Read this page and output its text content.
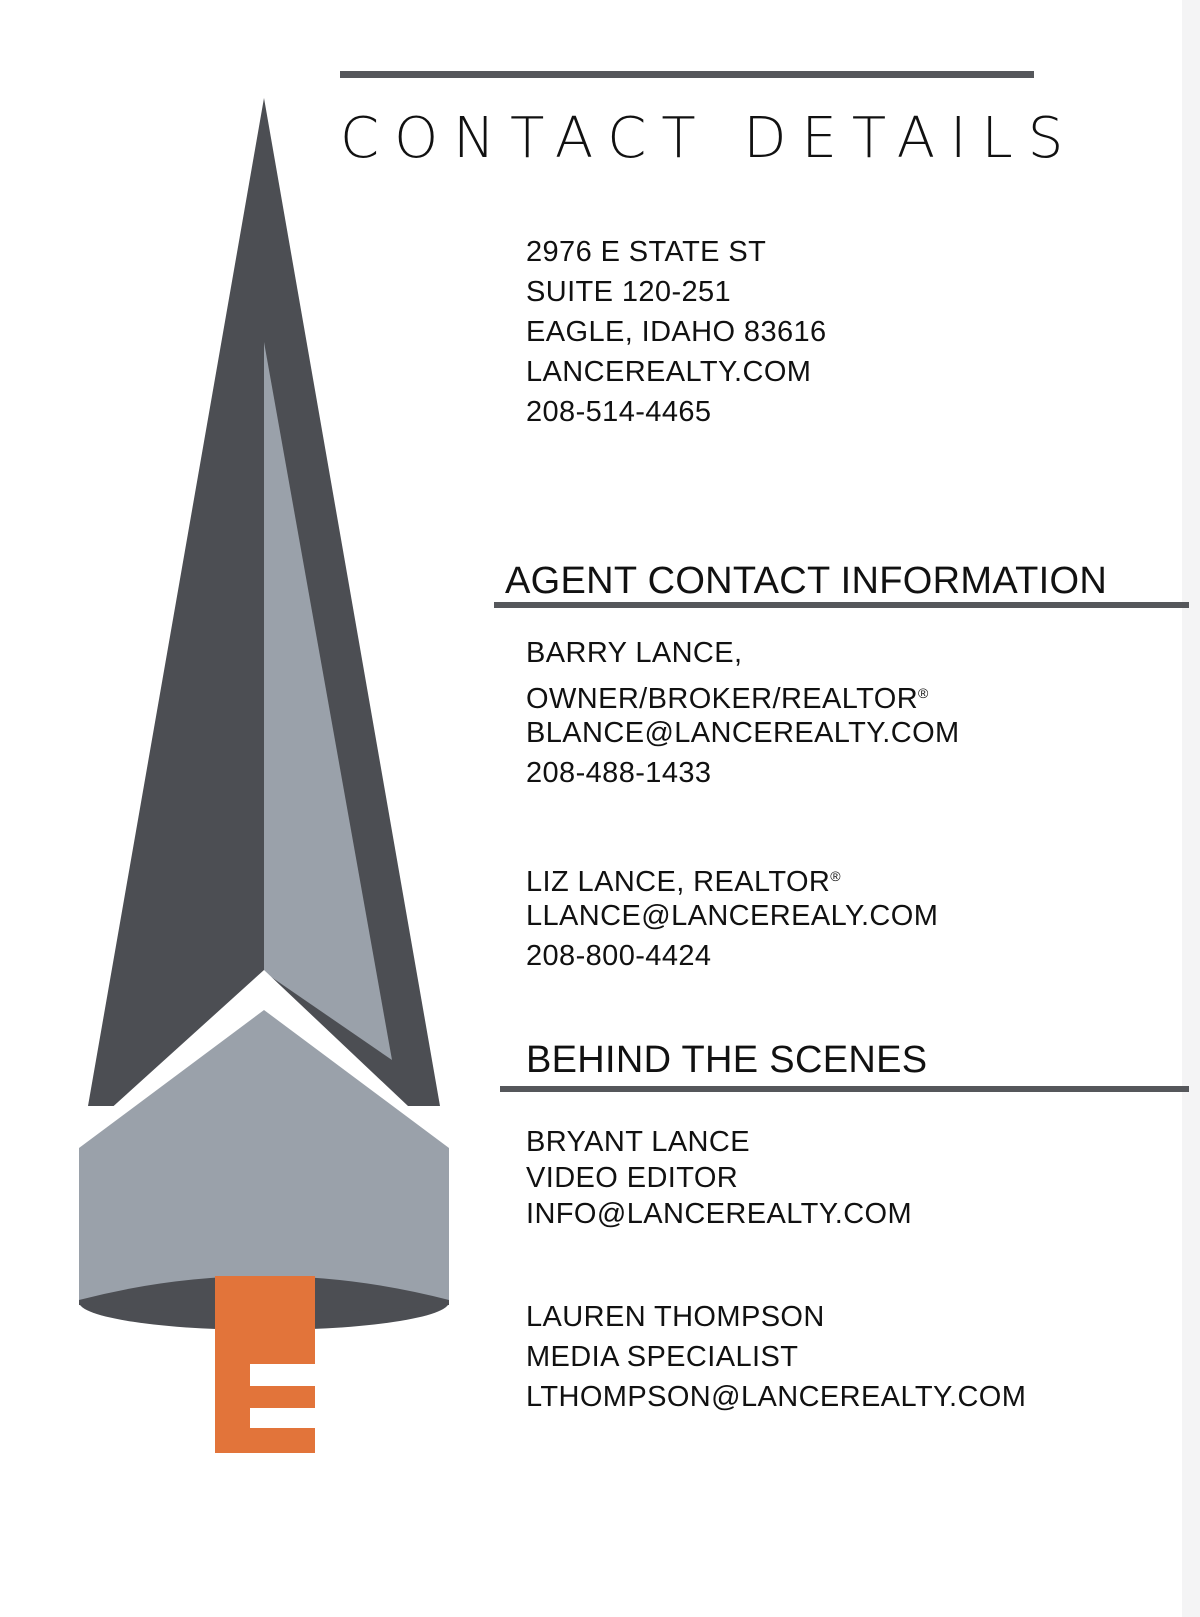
CONTACT DETAILS
2976 E STATE ST
SUITE 120-251
EAGLE, IDAHO 83616
LANCEREALTY.COM
208-514-4465
AGENT CONTACT INFORMATION
BARRY LANCE,
OWNER/BROKER/REALTOR®
BLANCE@LANCEREALTY.COM
208-488-1433
LIZ LANCE, REALTOR®
LLANCE@LANCEREALY.COM
208-800-4424
BEHIND THE SCENES
BRYANT LANCE
VIDEO EDITOR
INFO@LANCEREALTY.COM
LAUREN THOMPSON
MEDIA SPECIALIST
LTHOMPSON@LANCEREALTY.COM
